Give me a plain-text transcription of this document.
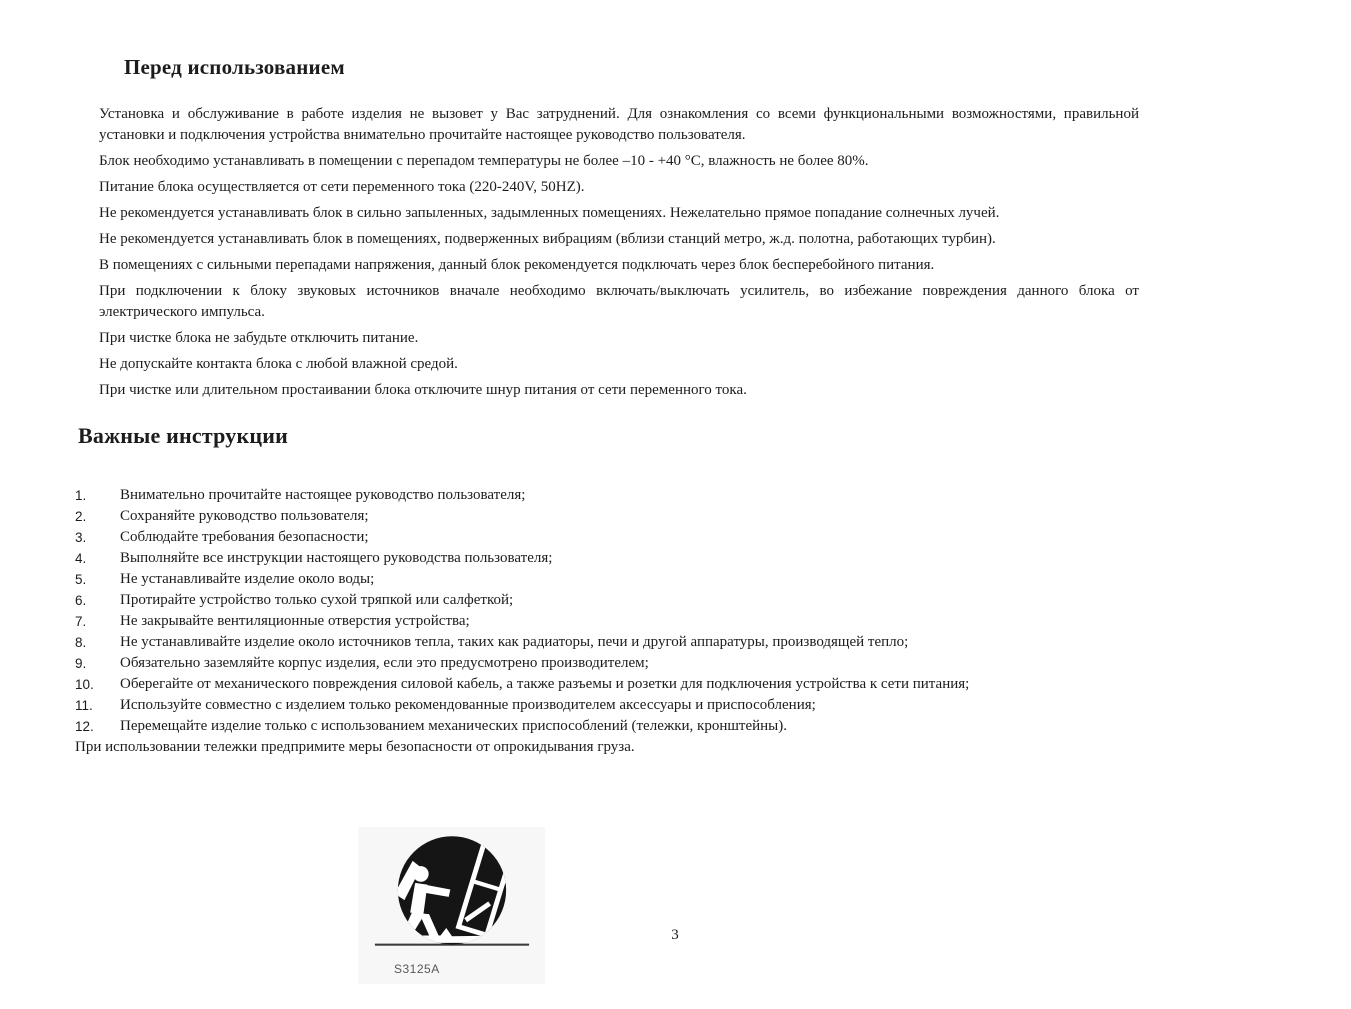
Перед использованием

Установка и обслуживание в работе изделия не вызовет у Вас затруднений. Для ознакомления со всеми функциональными возможностями, правильной установки и подключения устройства внимательно прочитайте настоящее руководство пользователя.

Блок необходимо устанавливать в помещении с перепадом температуры не более –10 - +40 °C, влажность не более 80%.

Питание блока осуществляется от сети переменного тока (220-240V, 50HZ).

Не рекомендуется устанавливать блок в сильно запыленных, задымленных помещениях. Нежелательно прямое попадание солнечных лучей.

Не рекомендуется устанавливать блок в помещениях, подверженных вибрациям (вблизи станций метро, ж.д. полотна, работающих турбин).

В помещениях с сильными перепадами напряжения, данный блок рекомендуется подключать через блок бесперебойного питания.

При подключении к блоку звуковых источников вначале необходимо включать/выключать усилитель, во избежание повреждения данного блока от электрического импульса.

При чистке блока не забудьте отключить питание.

Не допускайте контакта блока с любой влажной средой.

При чистке или длительном простаивании блока отключите шнур питания от сети переменного тока.

Важные инструкции
1.	Внимательно прочитайте настоящее руководство пользователя;
2.	Сохраняйте руководство пользователя;
3.	Соблюдайте требования безопасности;
4.	Выполняйте все инструкции настоящего руководства пользователя;
5.	Не устанавливайте изделие около воды;
6.	Протирайте устройство только сухой тряпкой или салфеткой;
7.	Не закрывайте вентиляционные отверстия устройства;
8.	Не устанавливайте изделие около источников тепла, таких как радиаторы, печи и другой аппаратуры, производящей тепло;
9.	Обязательно заземляйте корпус изделия, если это предусмотрено производителем;
10.	Оберегайте от механического повреждения силовой кабель, а также разъемы и розетки для подключения устройства к сети питания;
11.	Используйте совместно с изделием только рекомендованные производителем аксессуары и приспособления;
12.	Перемещайте изделие только с использованием механических приспособлений (тележки, кронштейны).

При использовании тележки предпримите меры безопасности от опрокидывания груза.

S3125A
3
